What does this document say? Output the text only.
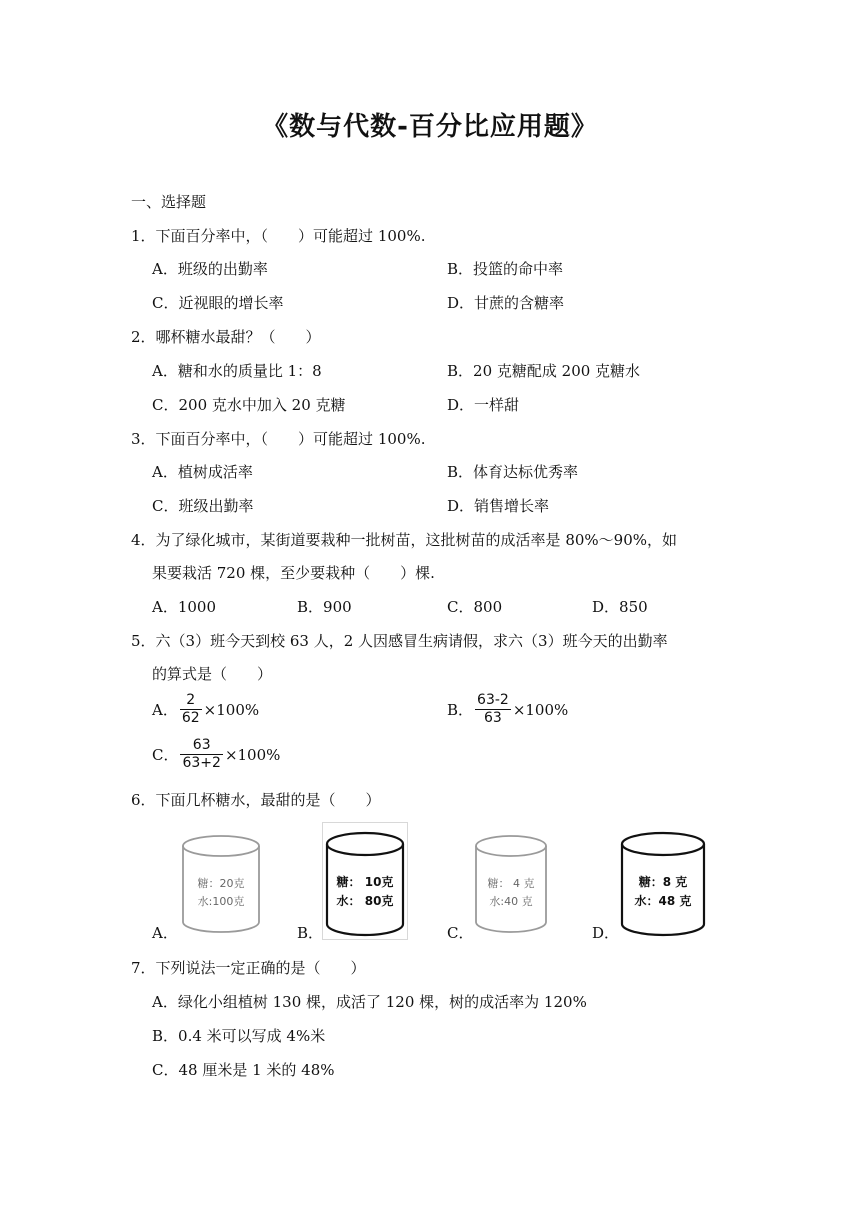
《数与代数-百分比应用题》
一、选择题
1．下面百分率中，（　　）可能超过 100%.
A．班级的出勤率	B．投篮的命中率
C．近视眼的增长率	D．甘蔗的含糖率
2．哪杯糖水最甜？（　　）
A．糖和水的质量比 1：8	B．20 克糖配成 200 克糖水
C．200 克水中加入 20 克糖	D．一样甜
3．下面百分率中，（　　）可能超过 100%.
A．植树成活率	B．体育达标优秀率
C．班级出勤率	D．销售增长率
4．为了绿化城市，某街道要栽种一批树苗，这批树苗的成活率是 80%～90%，如
果要栽活 720 棵，至少要栽种（　　）棵.
A．1000	B．900	C．800	D．850
5．六（3）班今天到校 63 人，2 人因感冒生病请假，求六（3）班今天的出勤率
的算式是（　　）
A． $\frac{2}{62} \times 100\%$	B． $\frac{63-2}{63} \times 100\%$
C． $\frac{63}{63+2} \times 100\%$
6．下面几杯糖水，最甜的是（　　）
A．
糖：20克
水:100克
B．
糖： 10克
水： 80克
C．
糖： 4 克
水:40 克
D．
糖：8 克
水：48 克
7．下列说法一定正确的是（　　）
A．绿化小组植树 130 棵，成活了 120 棵，树的成活率为 120%
B．0.4 米可以写成 4%米
C．48 厘米是 1 米的 48%
